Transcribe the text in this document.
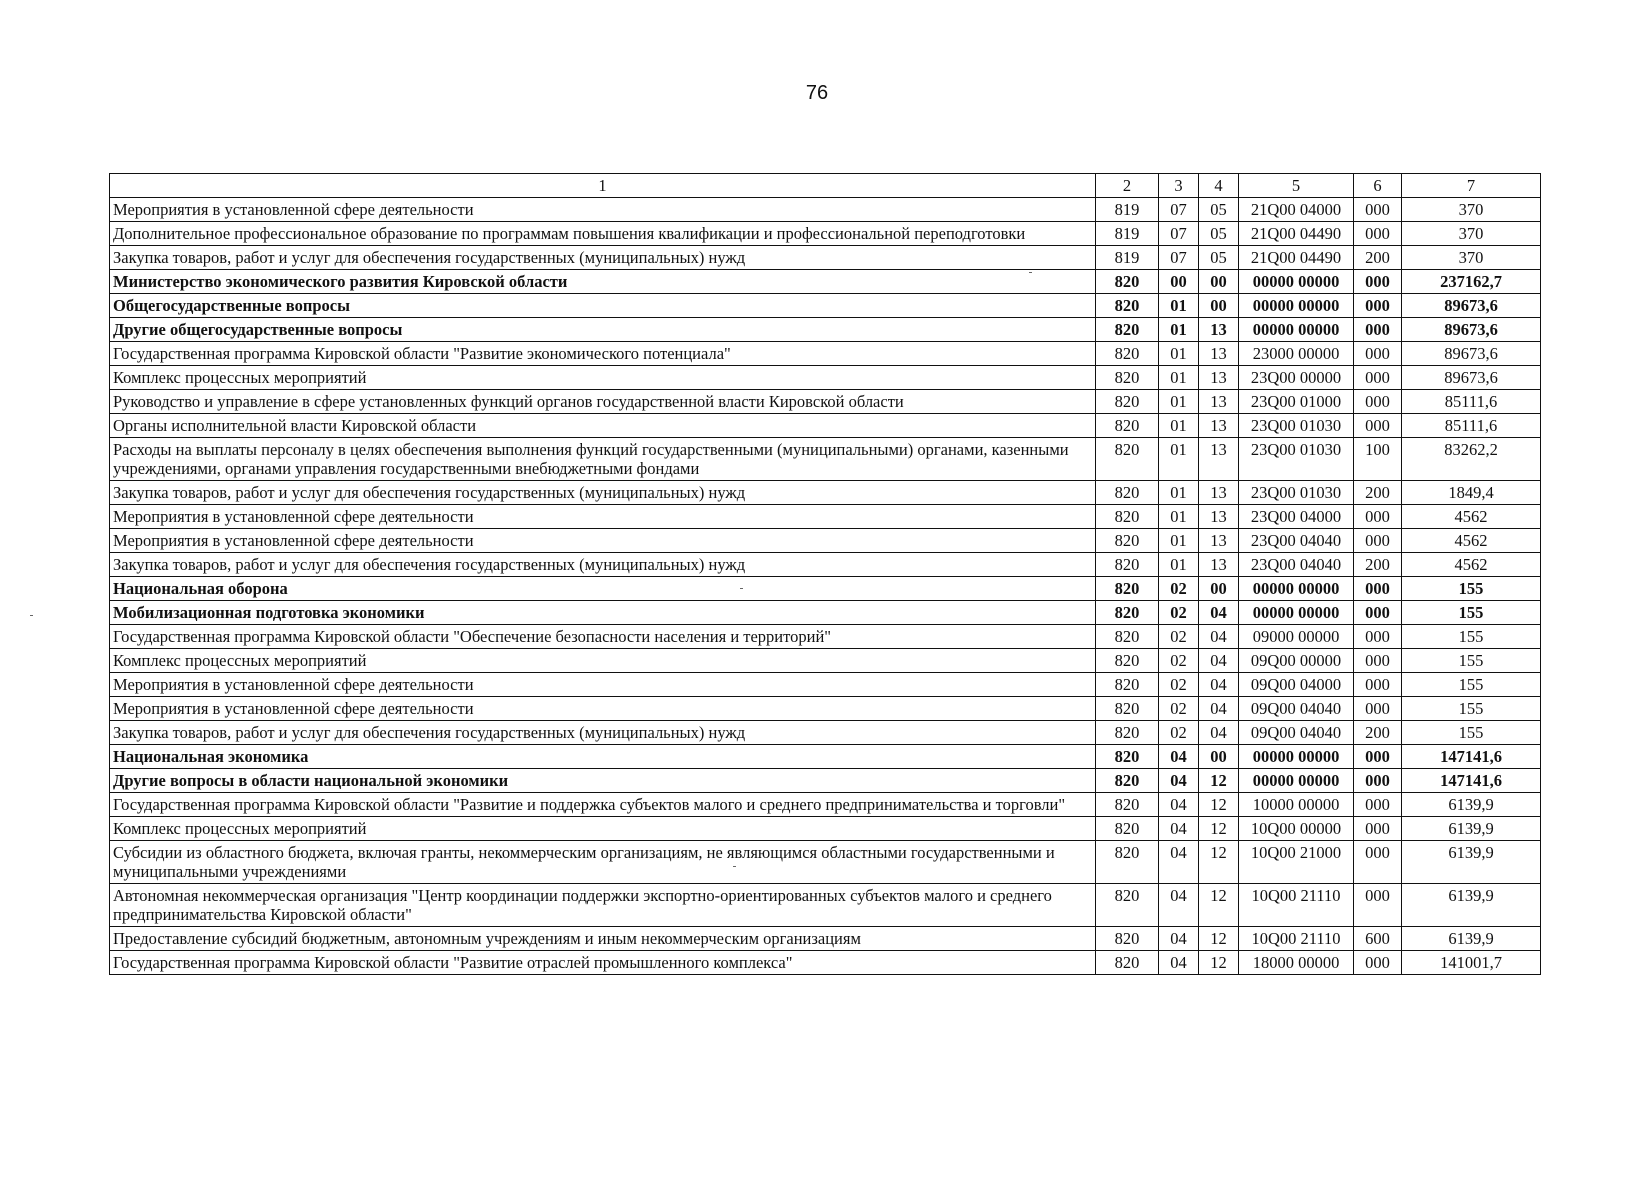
76
1	2	3	4	5	6	7
Мероприятия в установленной сфере деятельности	819	07	05	21Q00 04000	000	370
Дополнительное профессиональное образование по программам повышения квалификации и профессиональной переподготовки	819	07	05	21Q00 04490	000	370
Закупка товаров, работ и услуг для обеспечения государственных (муниципальных) нужд	819	07	05	21Q00 04490	200	370
Министерство экономического развития Кировской области	820	00	00	00000 00000	000	237162,7
Общегосударственные вопросы	820	01	00	00000 00000	000	89673,6
Другие общегосударственные вопросы	820	01	13	00000 00000	000	89673,6
Государственная программа Кировской области "Развитие экономического потенциала"	820	01	13	23000 00000	000	89673,6
Комплекс процессных мероприятий	820	01	13	23Q00 00000	000	89673,6
Руководство и управление в сфере установленных функций органов государственной власти Кировской области	820	01	13	23Q00 01000	000	85111,6
Органы исполнительной власти Кировской области	820	01	13	23Q00 01030	000	85111,6
Расходы на выплаты персоналу в целях обеспечения выполнения функций государственными (муниципальными) органами, казенными учреждениями, органами управления государственными внебюджетными фондами	820	01	13	23Q00 01030	100	83262,2
Закупка товаров, работ и услуг для обеспечения государственных (муниципальных) нужд	820	01	13	23Q00 01030	200	1849,4
Мероприятия в установленной сфере деятельности	820	01	13	23Q00 04000	000	4562
Мероприятия в установленной сфере деятельности	820	01	13	23Q00 04040	000	4562
Закупка товаров, работ и услуг для обеспечения государственных (муниципальных) нужд	820	01	13	23Q00 04040	200	4562
Национальная оборона	820	02	00	00000 00000	000	155
Мобилизационная подготовка экономики	820	02	04	00000 00000	000	155
Государственная программа Кировской области "Обеспечение безопасности населения и территорий"	820	02	04	09000 00000	000	155
Комплекс процессных мероприятий	820	02	04	09Q00 00000	000	155
Мероприятия в установленной сфере деятельности	820	02	04	09Q00 04000	000	155
Мероприятия в установленной сфере деятельности	820	02	04	09Q00 04040	000	155
Закупка товаров, работ и услуг для обеспечения государственных (муниципальных) нужд	820	02	04	09Q00 04040	200	155
Национальная экономика	820	04	00	00000 00000	000	147141,6
Другие вопросы в области национальной экономики	820	04	12	00000 00000	000	147141,6
Государственная программа Кировской области "Развитие и поддержка субъектов малого и среднего предпринимательства и торговли"	820	04	12	10000 00000	000	6139,9
Комплекс процессных мероприятий	820	04	12	10Q00 00000	000	6139,9
Субсидии из областного бюджета, включая гранты, некоммерческим организациям, не являющимся областными государственными и муниципальными учреждениями	820	04	12	10Q00 21000	000	6139,9
Автономная некоммерческая организация "Центр координации поддержки экспортно-ориентированных субъектов малого и среднего предпринимательства Кировской области"	820	04	12	10Q00 21110	000	6139,9
Предоставление субсидий бюджетным, автономным учреждениям и иным некоммерческим организациям	820	04	12	10Q00 21110	600	6139,9
Государственная программа Кировской области "Развитие отраслей промышленного комплекса"	820	04	12	18000 00000	000	141001,7
